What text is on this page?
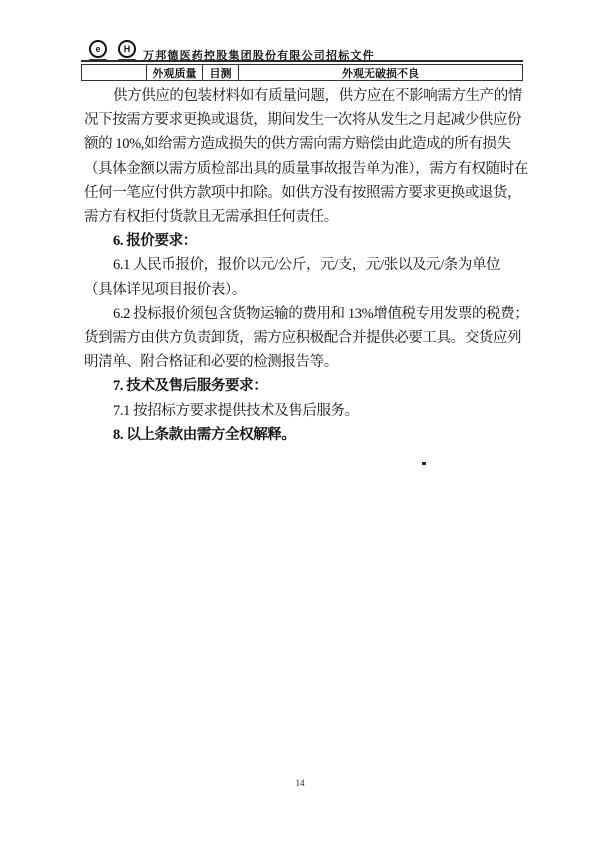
e	H
万邦德医药控股集团股份有限公司招标文件
外观质量	目测	外观无破损不良
供方供应的包装材料如有质量问题，供方应在不影响需方生产的情
况下按需方要求更换或退货，期间发生一次将从发生之月起减少供应份
额的 10%,如给需方造成损失的供方需向需方赔偿由此造成的所有损失
（具体金额以需方质检部出具的质量事故报告单为准），需方有权随时在
任何一笔应付供方款项中扣除。如供方没有按照需方要求更换或退货，
需方有权拒付货款且无需承担任何责任。
6. 报价要求：
6.1 人民币报价，报价以元/公斤，元/支，元/张以及元/条为单位
（具体详见项目报价表）。
6.2 投标报价须包含货物运输的费用和 13%增值税专用发票的税费；
货到需方由供方负责卸货，需方应积极配合并提供必要工具。交货应列
明清单、附合格证和必要的检测报告等。
7. 技术及售后服务要求：
7.1 按招标方要求提供技术及售后服务。
8. 以上条款由需方全权解释。
14
